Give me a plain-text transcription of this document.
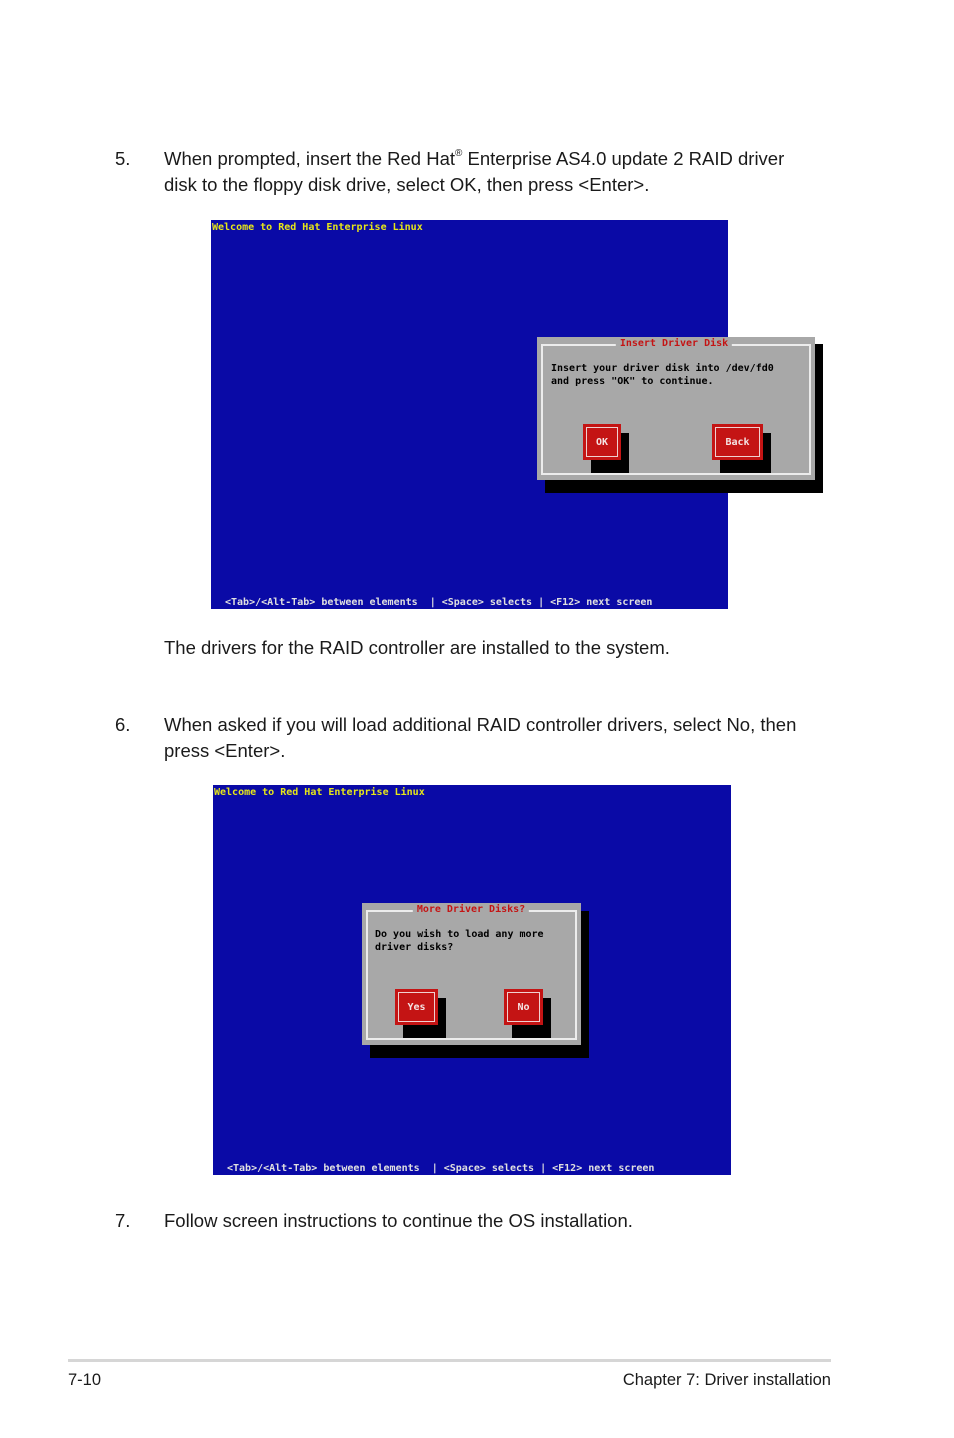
5. When prompted, insert the Red Hat® Enterprise AS4.0 update 2 RAID driver
disk to the floppy disk drive, select OK, then press <Enter>.
Welcome to Red Hat Enterprise Linux
Insert Driver Disk
Insert your driver disk into /dev/fd0
and press "OK" to continue.
OK	Back
<Tab>/<Alt-Tab> between elements  | <Space> selects | <F12> next screen
The drivers for the RAID controller are installed to the system.
6. When asked if you will load additional RAID controller drivers, select No, then
press <Enter>.
Welcome to Red Hat Enterprise Linux
More Driver Disks?
Do you wish to load any more
driver disks?
Yes	No
<Tab>/<Alt-Tab> between elements  | <Space> selects | <F12> next screen
7. Follow screen instructions to continue the OS installation.
7-10	Chapter 7: Driver installation
